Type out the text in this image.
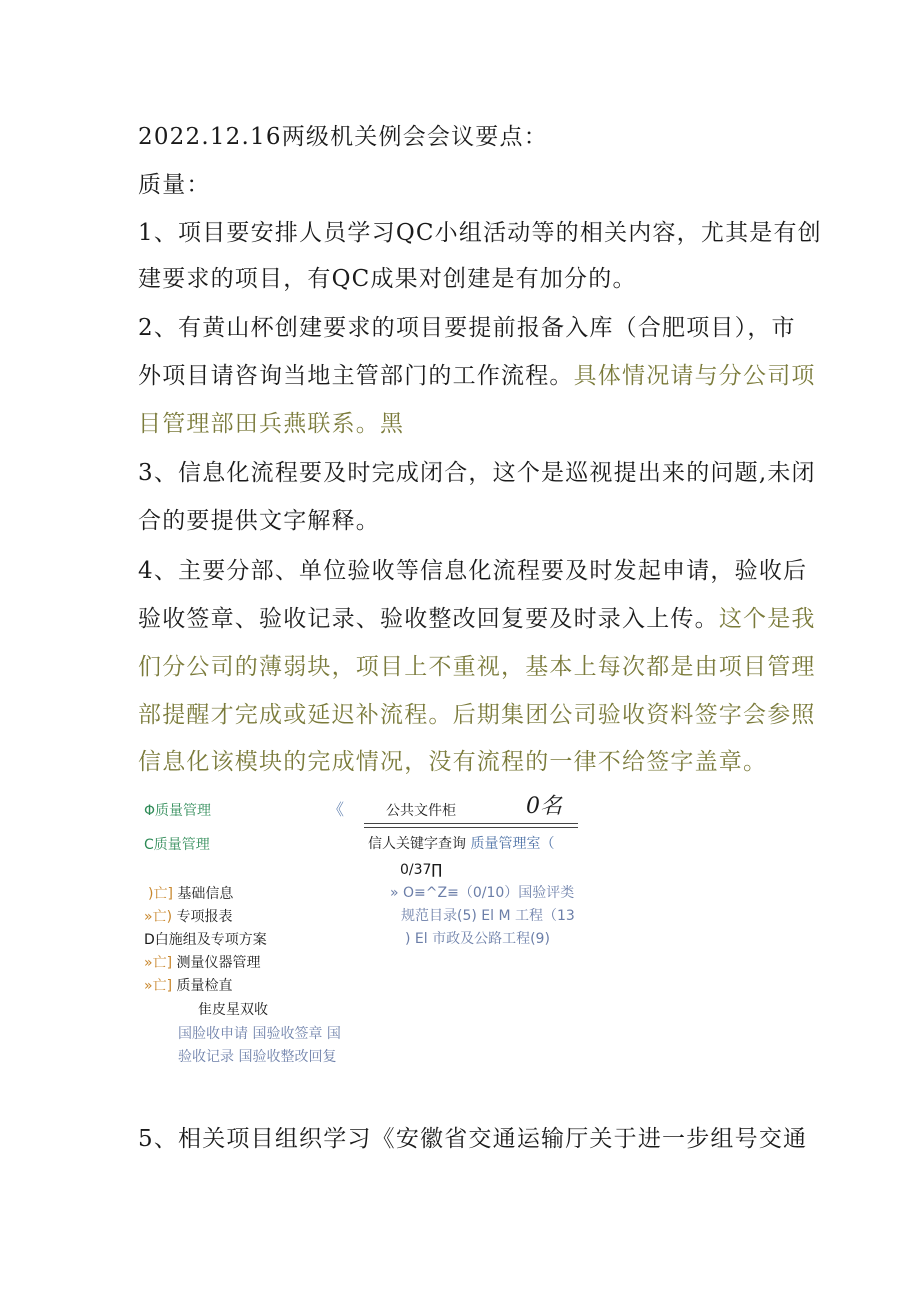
2022.12.16两级机关例会会议要点：
质量：
1、项目要安排人员学习QC小组活动等的相关内容，尤其是有创
建要求的项目，有QC成果对创建是有加分的。
2、有黄山杯创建要求的项目要提前报备入库（合肥项目），市
外项目请咨询当地主管部门的工作流程。具体情况请与分公司项
目管理部田兵燕联系。黑
3、信息化流程要及时完成闭合，这个是巡视提出来的问题,未闭
合的要提供文字解释。
4、主要分部、单位验收等信息化流程要及时发起申请，验收后
验收签章、验收记录、验收整改回复要及时录入上传。这个是我
们分公司的薄弱块，项目上不重视，基本上每次都是由项目管理
部提醒才完成或延迟补流程。后期集团公司验收资料签字会参照
信息化该模块的完成情况，没有流程的一律不给签字盖章。
Φ质量管理
C质量管理
《	公共文件柜	0名
信人关键字查询 质量管理室（
0/37∏
» O≡^Z≡（0/10）国验评类
规范目录(5) El M 工程（13
) El 市政及公路工程(9)
)亡] 基础信息
»亡) 专项报表
D白施组及专项方案
»亡] 测量仪器管理
»亡] 质量检直
隹皮星双收
国脸收申请 国验收签章 国
验收记录 国验收整改回复
5、相关项目组织学习《安徽省交通运输厅关于进一步组号交通
